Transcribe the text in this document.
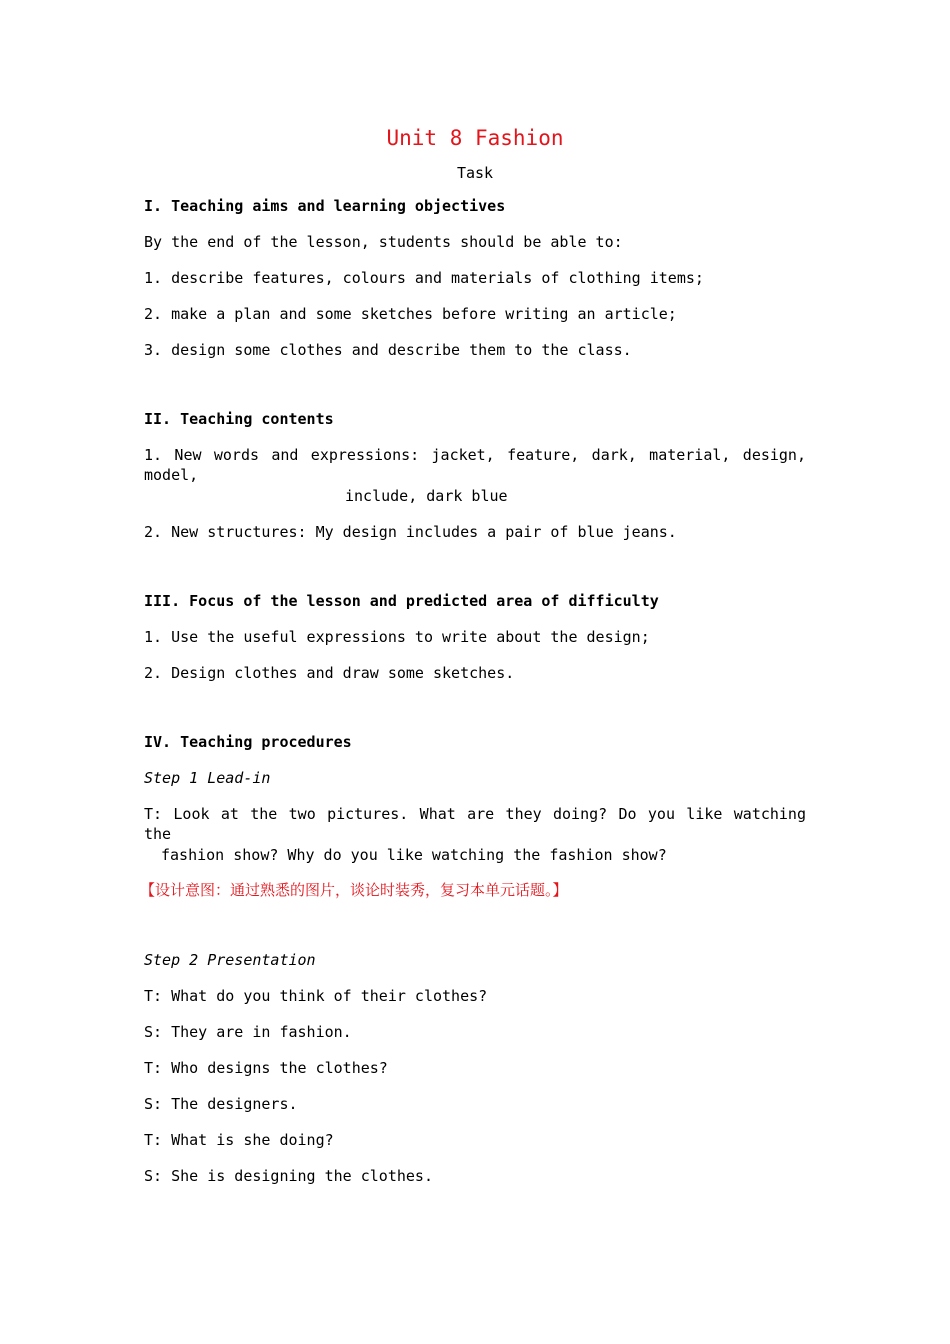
Unit 8 Fashion

Task

I. Teaching aims and learning objectives

By the end of the lesson, students should be able to:

1. describe features, colours and materials of clothing items;

2. make a plan and some sketches before writing an article;

3. design some clothes and describe them to the class.

II. Teaching contents

1. New words and expressions: jacket, feature, dark, material, design, model,

include, dark blue

2. New structures: My design includes a pair of blue jeans.

III. Focus of the lesson and predicted area of difficulty

1. Use the useful expressions to write about the design;

2. Design clothes and draw some sketches.

IV. Teaching procedures

Step 1 Lead-in

T: Look at the two pictures. What are they doing? Do you like watching the

fashion show? Why do you like watching the fashion show?

【设计意图：通过熟悉的图片，谈论时装秀，复习本单元话题。】

Step 2 Presentation

T: What do you think of their clothes?

S: They are in fashion.

T: Who designs the clothes?

S: The designers.

T: What is she doing?

S: She is designing the clothes.
